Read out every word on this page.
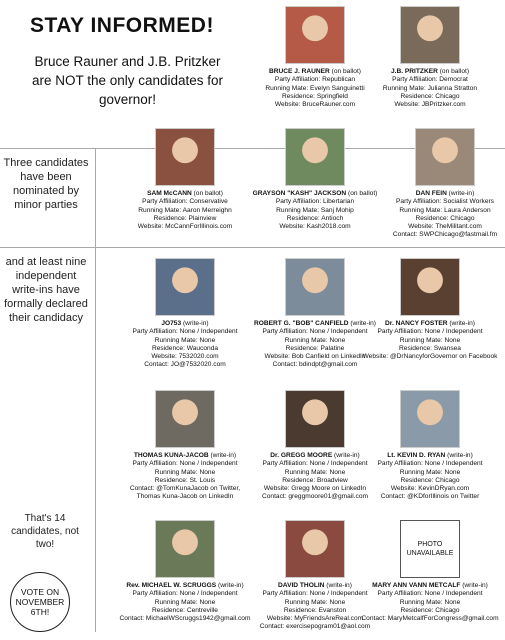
STAY INFORMED!
Bruce Rauner and J.B. Pritzker are NOT the only candidates for governor!
Three candidates have been nominated by minor parties
and at least nine independent write-ins have formally declared their candidacy
That's 14 candidates, not two!
VOTE ON NOVEMBER 6TH!
BRUCE J. RAUNER (on ballot)
Party Affiliation: Republican
Running Mate: Evelyn Sanguinetti
Residence: Springfield
Website: BruceRauner.com
J.B. PRITZKER (on ballot)
Party Affiliation: Democrat
Running Mate: Julianna Stratton
Residence: Chicago
Website: JBPritzker.com
SAM McCANN (on ballot)
Party Affiliation: Conservative
Running Mate: Aaron Merreighn
Residence: Plainview
Website: McCannForIllinois.com
GRAYSON "KASH" JACKSON (on ballot)
Party Affiliation: Libertarian
Running Mate: Sanj Mohip
Residence: Antioch
Website: Kash2018.com
DAN FEIN (write-in)
Party Affiliation: Socialist Workers
Running Mate: Laura Anderson
Residence: Chicago
Website: TheMilitant.com
Contact: SWPChicago@fastmail.fm
JO753 (write-in)
Party Affiliation: None / Independent
Running Mate: None
Residence: Wauconda
Website: 7532020.com
Contact: JO@7532020.com
ROBERT G. "BOB" CANFIELD (write-in)
Party Affiliation: None / Independent
Running Mate: None
Residence: Palatine
Website: Bob Canfield on LinkedIn
Contact: bdindpt@gmail.com
Dr. NANCY FOSTER (write-in)
Party Affiliation: None / Independent
Running Mate: None
Residence: Swansea
Website: @DrNancyforGovernor on Facebook
THOMAS KUNA-JACOB (write-in)
Party Affiliation: None / Independent
Running Mate: None
Residence: St. Louis
Contact: @TomKunaJacob on Twitter,
Thomas Kuna-Jacob on LinkedIn
Dr. GREGG MOORE (write-in)
Party Affiliation: None / Independent
Running Mate: None
Residence: Broadview
Website: Gregg Moore on LinkedIn
Contact: greggmoore01@gmail.com
Lt. KEVIN D. RYAN (write-in)
Party Affiliation: None / Independent
Running Mate: None
Residence: Chicago
Website: KevinDRyan.com
Contact: @KDforIllinois on Twitter
Rev. MICHAEL W. SCRUGGS (write-in)
Party Affiliation: None / Independent
Running Mate: None
Residence: Centreville
Contact: MichaelWScruggs1942@gmail.com
DAVID THOLIN (write-in)
Party Affiliation: None / Independent
Running Mate: None
Residence: Evanston
Website: MyFriendsAreReal.com
Contact: exercisepogram01@aol.com
PHOTO UNAVAILABLE
MARY ANN VANN METCALF (write-in)
Party Affiliation: None / Independent
Running Mate: None
Residence: Chicago
Contact: MaryMetcalfForCongress@gmail.com
